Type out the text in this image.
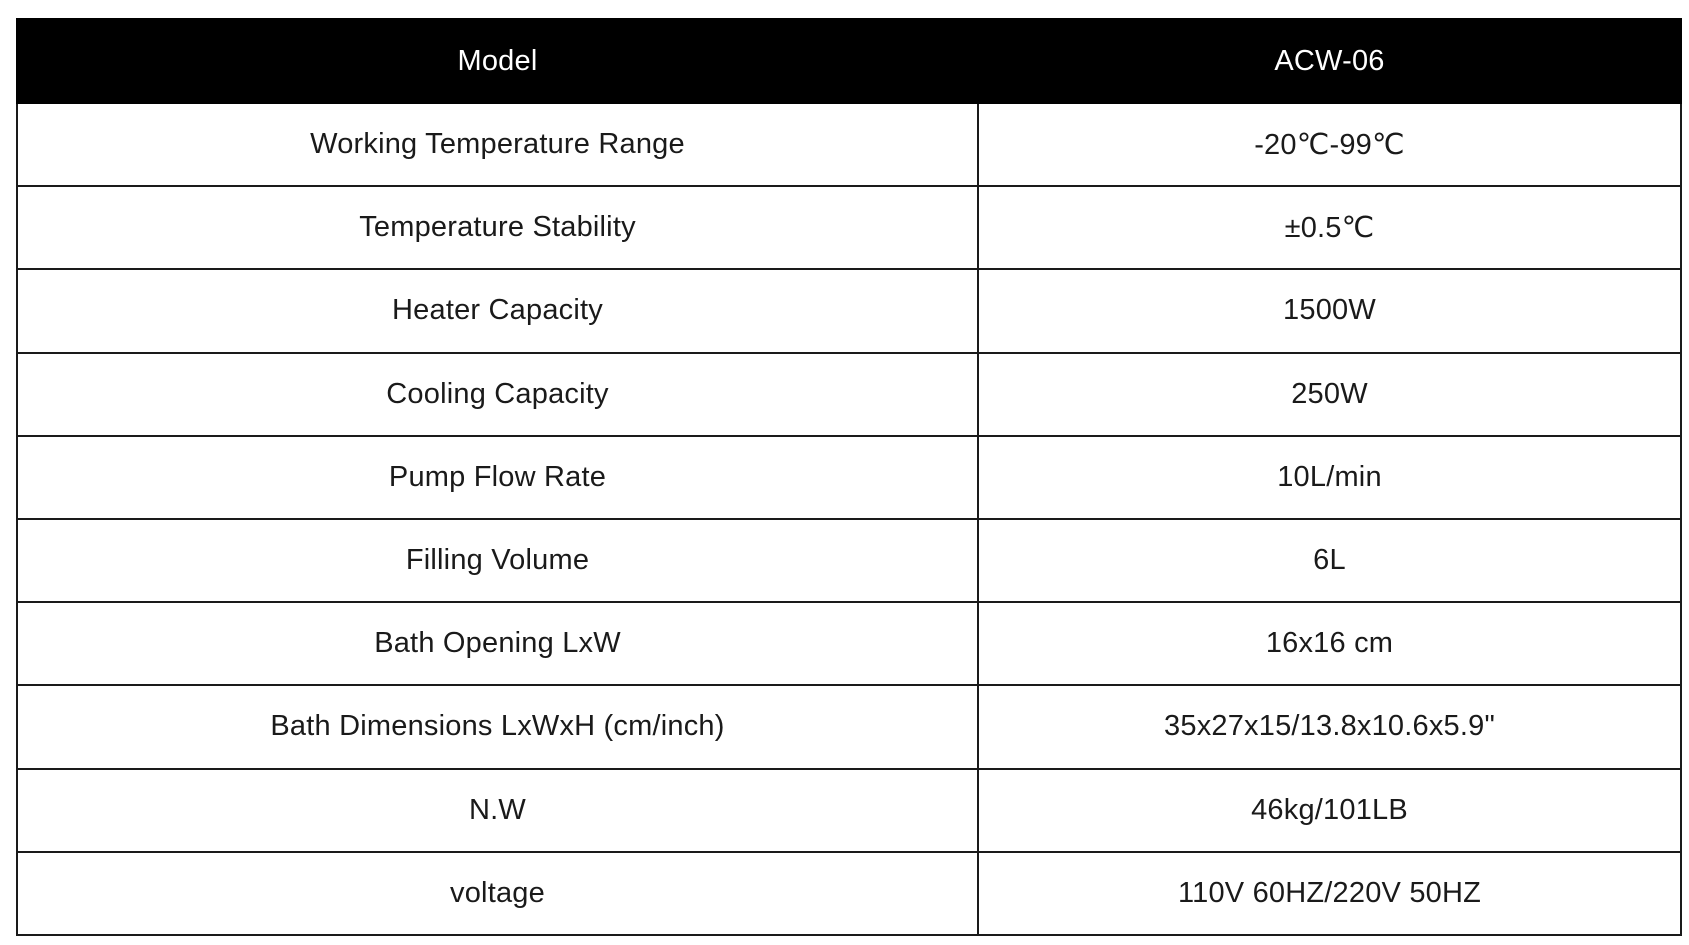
Model	ACW-06
Working Temperature Range	-20℃-99℃
Temperature Stability	±0.5℃
Heater Capacity	1500W
Cooling Capacity	250W
Pump Flow Rate	10L/min
Filling Volume	6L
Bath Opening LxW	16x16 cm
Bath Dimensions LxWxH (cm/inch)	35x27x15/13.8x10.6x5.9"
N.W	46kg/101LB
voltage	110V 60HZ/220V 50HZ
